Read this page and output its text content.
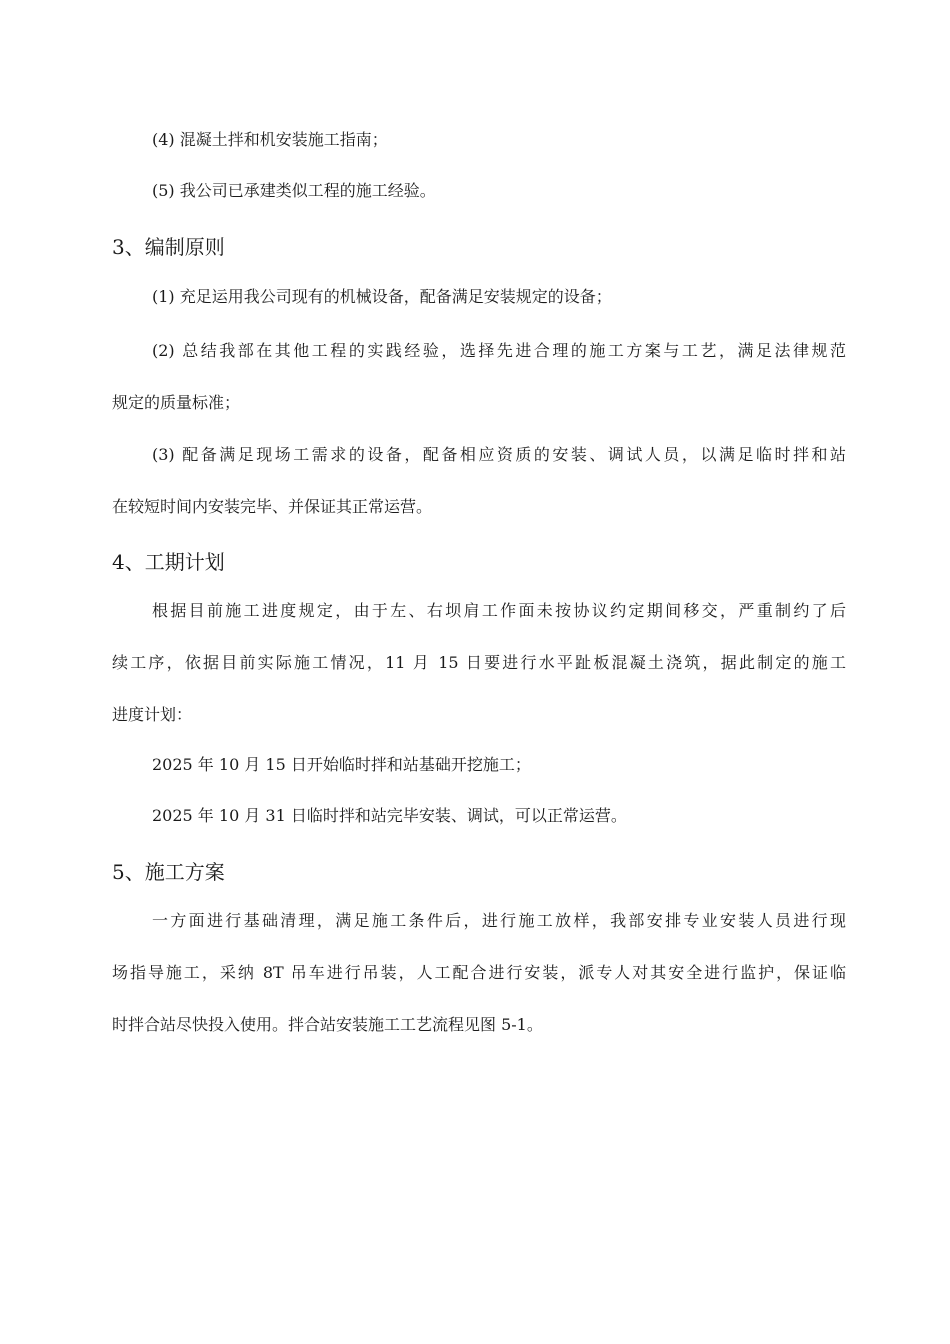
(4) 混凝土拌和机安装施工指南；
(5) 我公司已承建类似工程的施工经验。
3、编制原则
(1) 充足运用我公司现有的机械设备，配备满足安装规定的设备；
(2) 总结我部在其他工程的实践经验，选择先进合理的施工方案与工艺，满足法律规范
规定的质量标准；
(3) 配备满足现场工需求的设备，配备相应资质的安装、调试人员，以满足临时拌和站
在较短时间内安装完毕、并保证其正常运营。
4、工期计划
根据目前施工进度规定，由于左、右坝肩工作面未按协议约定期间移交，严重制约了后
续工序，依据目前实际施工情况，11 月 15 日要进行水平趾板混凝土浇筑，据此制定的施工
进度计划：
2025 年 10 月 15 日开始临时拌和站基础开挖施工；
2025 年 10 月 31 日临时拌和站完毕安装、调试，可以正常运营。
5、施工方案
一方面进行基础清理，满足施工条件后，进行施工放样，我部安排专业安装人员进行现
场指导施工，采纳 8T 吊车进行吊装，人工配合进行安装，派专人对其安全进行监护，保证临
时拌合站尽快投入使用。拌合站安装施工工艺流程见图 5-1。
